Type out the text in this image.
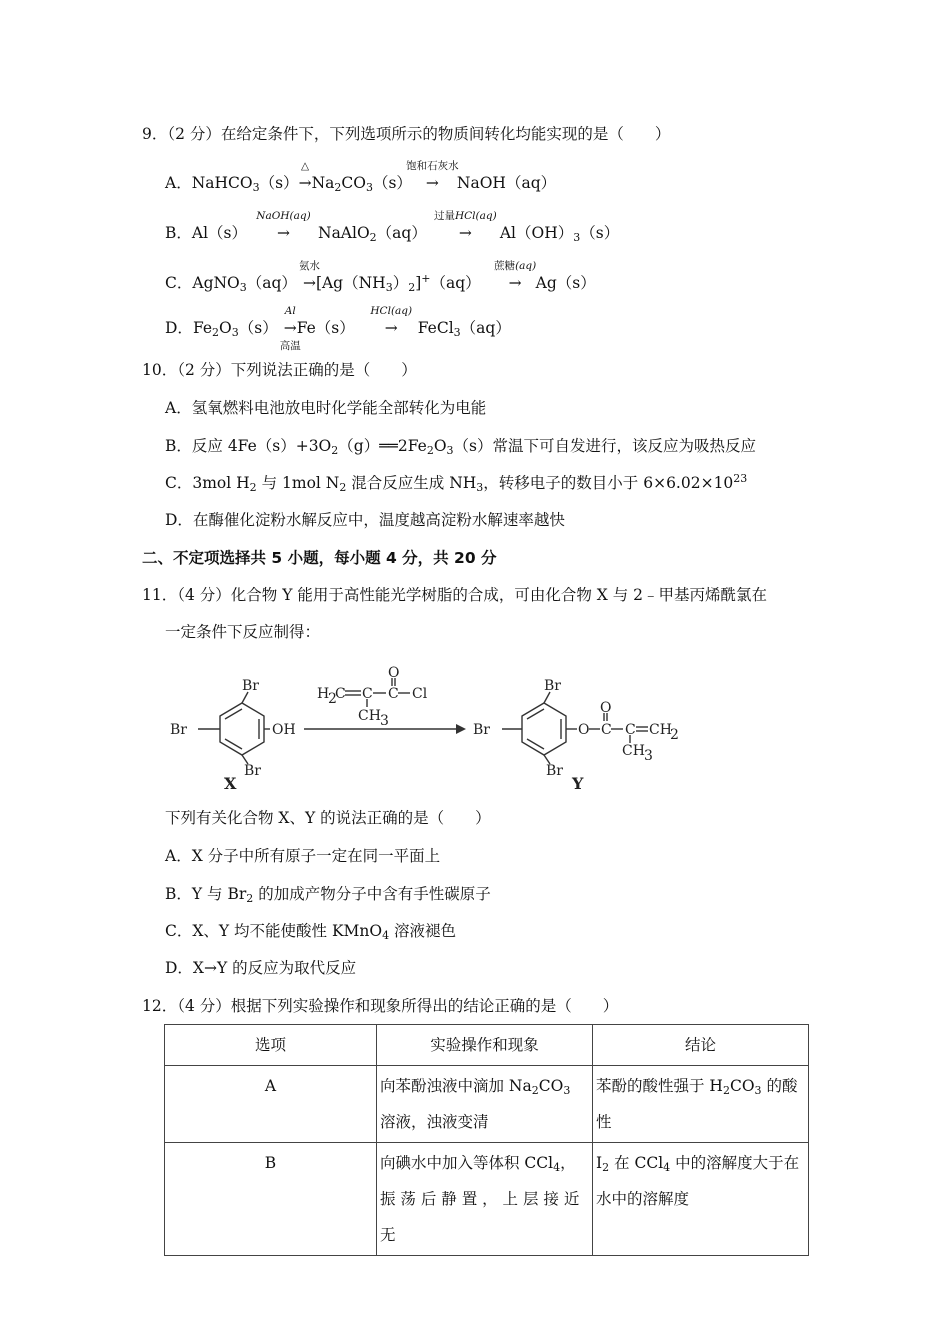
9．（2 分）在给定条件下，下列选项所示的物质间转化均能实现的是（　　）
A．NaHCO$_3$（s）
△
$\to Na_2CO_3(s)$
饱和石灰水
→ NaOH（aq）
B．Al（s）
NaOH(aq)
→ NaAlO$_2$（aq）
过量HCl(aq)
→ $Al(OH)_3(s)$
C．AgNO$_3$（aq）
氨水
$\to[Ag(NH_3)_2]^+(aq)$
蔗糖(aq)
→ Ag（s）
D．$Fe_2O_3(s)$
Al
高温
→Fe（s）
HCl(aq)
→ FeCl$_3$（aq）
10．（2 分）下列说法正确的是（　　）
A．氢氧燃料电池放电时化学能全部转化为电能
B．反应 $4Fe(s)+3O_2(g)══2Fe_2O_3(s)$常温下可自发进行，该反应为吸热反应
C．3mol $H_2$ 与 1mol $N_2$ 混合反应生成 $NH_3$，转移电子的数目小于 $6\times 6.02\times 10^{23}$
D．在酶催化淀粉水解反应中，温度越高淀粉水解速率越快
二、不定项选择共 5 小题，每小题 4 分，共 20 分
11．（4 分）化合物 Y 能用于高性能光学树脂的合成，可由化合物 X 与 2﹣甲基丙烯酰氯在
一定条件下反应制得：
Br
OH
Br
Br
X
O
H
2
C C C Cl
CH 3
Br
Br
Br	O
O
C C CH
2
CH 3
Y
下列有关化合物 X、Y 的说法正确的是（　　）
A．X 分子中所有原子一定在同一平面上
B．Y 与 $Br_2$ 的加成产物分子中含有手性碳原子
C．X、Y 均不能使酸性 KMnO$_4$ 溶液褪色
D．X→Y 的反应为取代反应
12．（4 分）根据下列实验操作和现象所得出的结论正确的是（　　）
选项	实验操作和现象	结论
A	向苯酚浊液中滴加 $Na_2CO_3$
溶液，浊液变清	苯酚的酸性强于 $H_2CO_3$ 的酸
性
B	向碘水中加入等体积 CCl$_4$，
振 荡 后 静 置 ， 上 层 接 近 无	$I_2$ 在 CCl$_4$ 中的溶解度大于在
水中的溶解度
